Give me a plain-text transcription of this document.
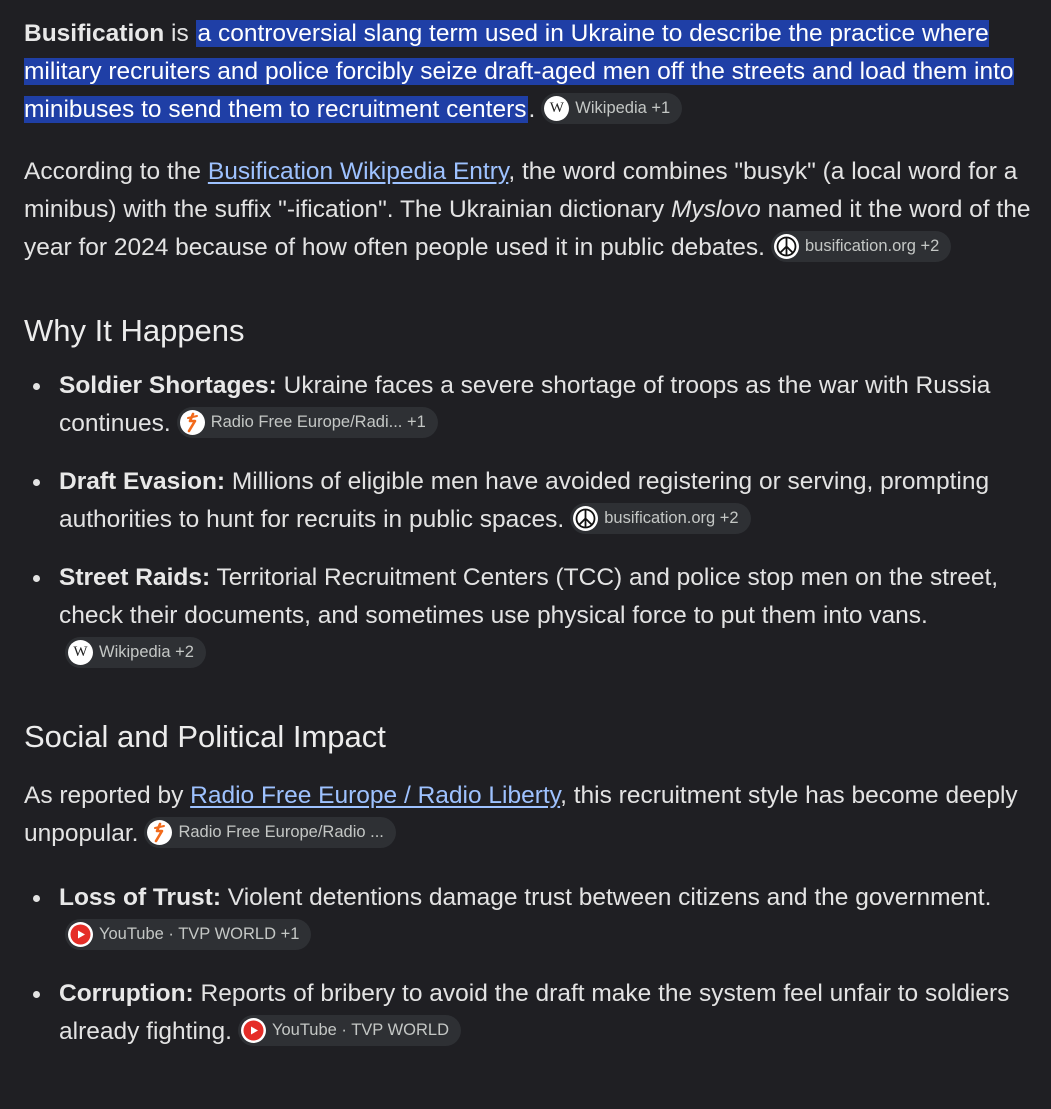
Busification is a controversial slang term used in Ukraine to describe the practice where military recruiters and police forcibly seize draft-aged men off the streets and load them into minibuses to send them to recruitment centers. W Wikipedia +1

According to the Busification Wikipedia Entry, the word combines "busyk" (a local word for a minibus) with the suffix "-ification". The Ukrainian dictionary Myslovo named it the word of the year for 2024 because of how often people used it in public debates. busification.org +2

Why It Happens
Soldier Shortages: Ukraine faces a severe shortage of troops as the war with Russia continues. Radio Free Europe/Radi... +1
Draft Evasion: Millions of eligible men have avoided registering or serving, prompting authorities to hunt for recruits in public spaces. busification.org +2
Street Raids: Territorial Recruitment Centers (TCC) and police stop men on the street, check their documents, and sometimes use physical force to put them into vans.
W Wikipedia +2
Social and Political Impact

As reported by Radio Free Europe / Radio Liberty, this recruitment style has become deeply unpopular. Radio Free Europe/Radio ...

Loss of Trust: Violent detentions damage trust between citizens and the government.
YouTube · TVP WORLD +1
Corruption: Reports of bribery to avoid the draft make the system feel unfair to soldiers already fighting. YouTube · TVP WORLD
